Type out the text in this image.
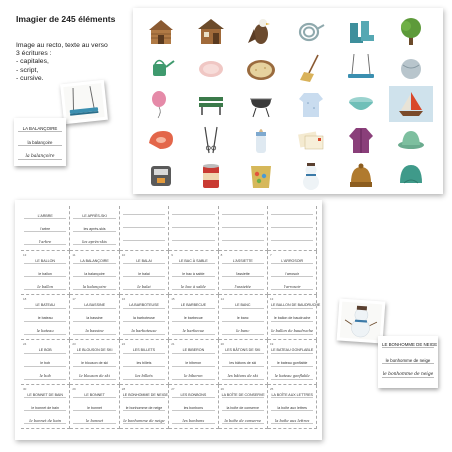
Imagier de 245 éléments
Image au recto, texte au verso
3 écritures :
- capitales,
- script,
- cursive.
LA BALANÇOIRE
la balançoire
la balançoire
L'ARBRE
l'arbre
l'arbre
LE APRÈS-SKI
les après-skis
les après-skis
13
LE BALLON
le ballon
le ballon
11
LA BALANÇOIRE
la balançoire
la balançoire
10
LE BALAI
le balai
le balai
9
LE BAC À SABLE
le bac à sable
le bac à sable
8
L'ASSIETTE
l'assiette
l'assiette
7
L'ARROSOIR
l'arrosoir
l'arrosoir
18
LE BATEAU
le bateau
le bateau
17
LA BASSINE
la bassine
la bassine
16
LA BARBOTEUSE
la barboteuse
la barboteuse
15
LE BARBECUE
le barbecue
le barbecue
14
LE BANC
le banc
le banc
13
LE BALLON DE BAUDRUCHE
le ballon de baudruche
le ballon de baudruche
24
LE BOB
le bob
le bob
23
LE BLOUSON DE SKI
le blouson de ski
le blouson de ski
22
LES BILLETS
les billets
les billets
21
LE BIBERON
le biberon
le biberon
20
LES BÂTONS DE SKI
les bâtons de ski
les bâtons de ski
19
LE BATEAU GONFLABLE
le bateau gonflable
le bateau gonflable
30
LE BONNET DE BAIN
le bonnet de bain
le bonnet de bain
29
LE BONNET
le bonnet
le bonnet
28
LE BONHOMME DE NEIGE
le bonhomme de neige
le bonhomme de neige
27
LES BONBONS
les bonbons
les bonbons
26
LA BOÎTE DE CONSERVE
la boîte de conserve
la boîte de conserve
25
LA BOÎTE AUX LETTRES
la boîte aux lettres
la boîte aux lettres
LE BONHOMME DE NEIGE
le bonhomme de neige
le bonhomme de neige
